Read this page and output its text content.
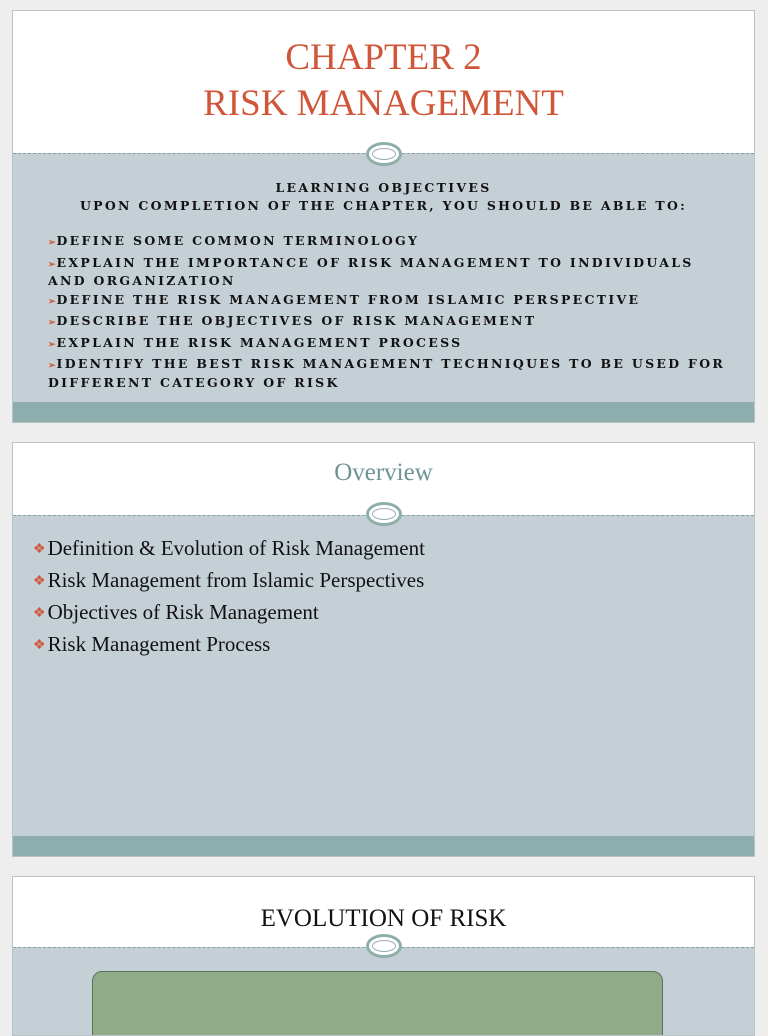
CHAPTER 2
RISK MANAGEMENT
LEARNING OBJECTIVES
UPON COMPLETION OF THE CHAPTER, YOU SHOULD BE ABLE TO:
➢DEFINE SOME COMMON TERMINOLOGY
➢EXPLAIN THE IMPORTANCE OF RISK MANAGEMENT TO INDIVIDUALS AND ORGANIZATION
➢DEFINE THE RISK MANAGEMENT FROM ISLAMIC PERSPECTIVE
➢DESCRIBE THE OBJECTIVES OF RISK MANAGEMENT
➢EXPLAIN THE RISK MANAGEMENT PROCESS
➢IDENTIFY THE BEST RISK MANAGEMENT TECHNIQUES TO BE USED FOR DIFFERENT CATEGORY OF RISK
Overview
❖Definition & Evolution of Risk Management
❖Risk Management from Islamic Perspectives
❖Objectives of Risk Management
❖Risk Management Process
EVOLUTION OF RISK
